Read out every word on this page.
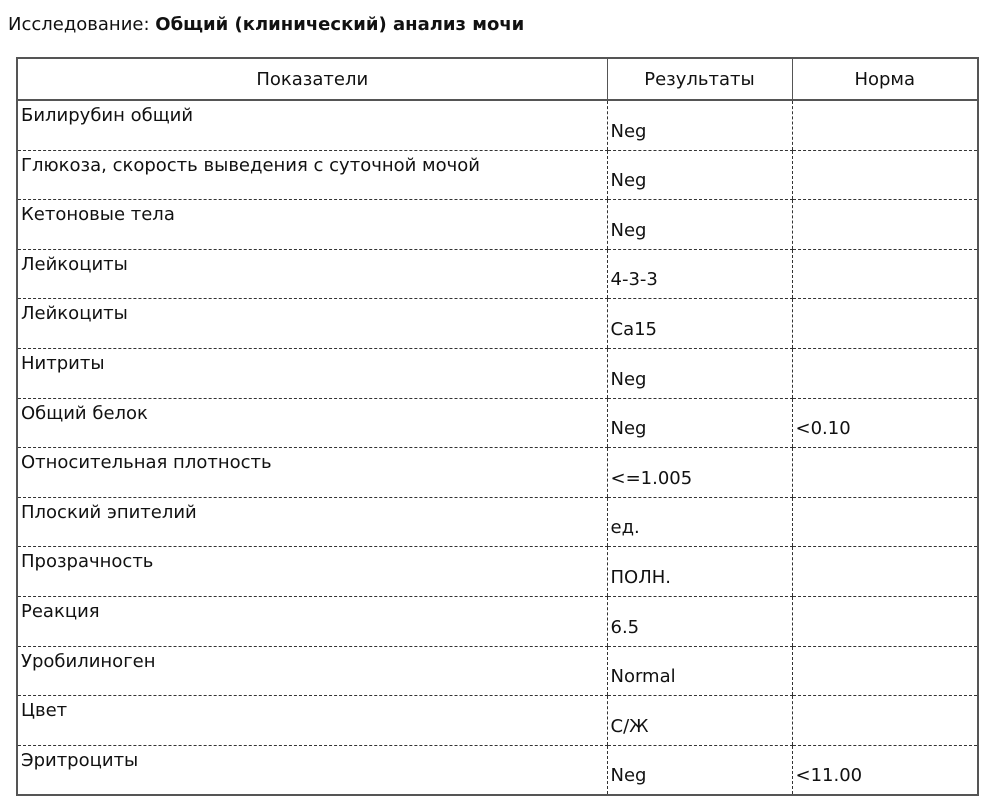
Исследование: Общий (клинический) анализ мочи
Показатели	Результаты	Норма
Билирубин общий	Neg	
Глюкоза, скорость выведения с суточной мочой	Neg	
Кетоновые тела	Neg	
Лейкоциты	4-3-3	
Лейкоциты	Ca15	
Нитриты	Neg	
Общий белок	Neg	<0.10
Относительная плотность	<=1.005	
Плоский эпителий	ед.	
Прозрачность	ПОЛН.	
Реакция	6.5	
Уробилиноген	Normal	
Цвет	С/Ж	
Эритроциты	Neg	<11.00
